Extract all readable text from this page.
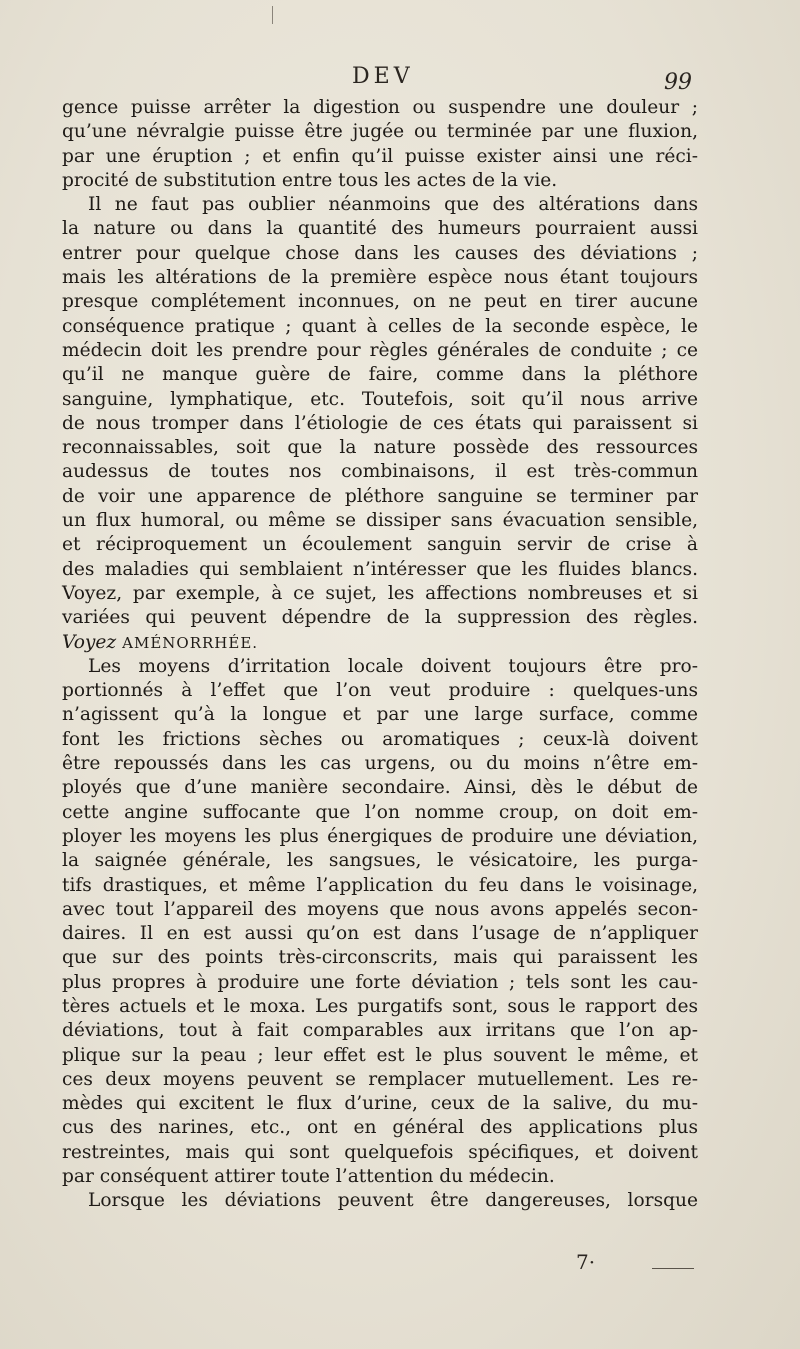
DEV	99
gence puisse arrêter la digestion ou suspendre une douleur ;
qu’une névralgie puisse être jugée ou terminée par une fluxion,
par une éruption ; et enfin qu’il puisse exister ainsi une réci-
procité de substitution entre tous les actes de la vie.
Il ne faut pas oublier néanmoins que des altérations dans
la nature ou dans la quantité des humeurs pourraient aussi
entrer pour quelque chose dans les causes des déviations ;
mais les altérations de la première espèce nous étant toujours
presque complétement inconnues, on ne peut en tirer aucune
conséquence pratique ; quant à celles de la seconde espèce, le
médecin doit les prendre pour règles générales de conduite ; ce
qu’il ne manque guère de faire, comme dans la pléthore
sanguine, lymphatique, etc. Toutefois, soit qu’il nous arrive
de nous tromper dans l’étiologie de ces états qui paraissent si
reconnaissables, soit que la nature possède des ressources
audessus de toutes nos combinaisons, il est très-commun
de voir une apparence de pléthore sanguine se terminer par
un flux humoral, ou même se dissiper sans évacuation sensible,
et réciproquement un écoulement sanguin servir de crise à
des maladies qui semblaient n’intéresser que les fluides blancs.
Voyez, par exemple, à ce sujet, les affections nombreuses et si
variées qui peuvent dépendre de la suppression des règles.
Voyez AMÉNORRHÉE.
Les moyens d’irritation locale doivent toujours être pro-
portionnés à l’effet que l’on veut produire : quelques-uns
n’agissent qu’à la longue et par une large surface, comme
font les frictions sèches ou aromatiques ; ceux-là doivent
être repoussés dans les cas urgens, ou du moins n’être em-
ployés que d’une manière secondaire. Ainsi, dès le début de
cette angine suffocante que l’on nomme croup, on doit em-
ployer les moyens les plus énergiques de produire une déviation,
la saignée générale, les sangsues, le vésicatoire, les purga-
tifs drastiques, et même l’application du feu dans le voisinage,
avec tout l’appareil des moyens que nous avons appelés secon-
daires. Il en est aussi qu’on est dans l’usage de n’appliquer
que sur des points très-circonscrits, mais qui paraissent les
plus propres à produire une forte déviation ; tels sont les cau-
tères actuels et le moxa. Les purgatifs sont, sous le rapport des
déviations, tout à fait comparables aux irritans que l’on ap-
plique sur la peau ; leur effet est le plus souvent le même, et
ces deux moyens peuvent se remplacer mutuellement. Les re-
mèdes qui excitent le flux d’urine, ceux de la salive, du mu-
cus des narines, etc., ont en général des applications plus
restreintes, mais qui sont quelquefois spécifiques, et doivent
par conséquent attirer toute l’attention du médecin.
Lorsque les déviations peuvent être dangereuses, lorsque
7·
